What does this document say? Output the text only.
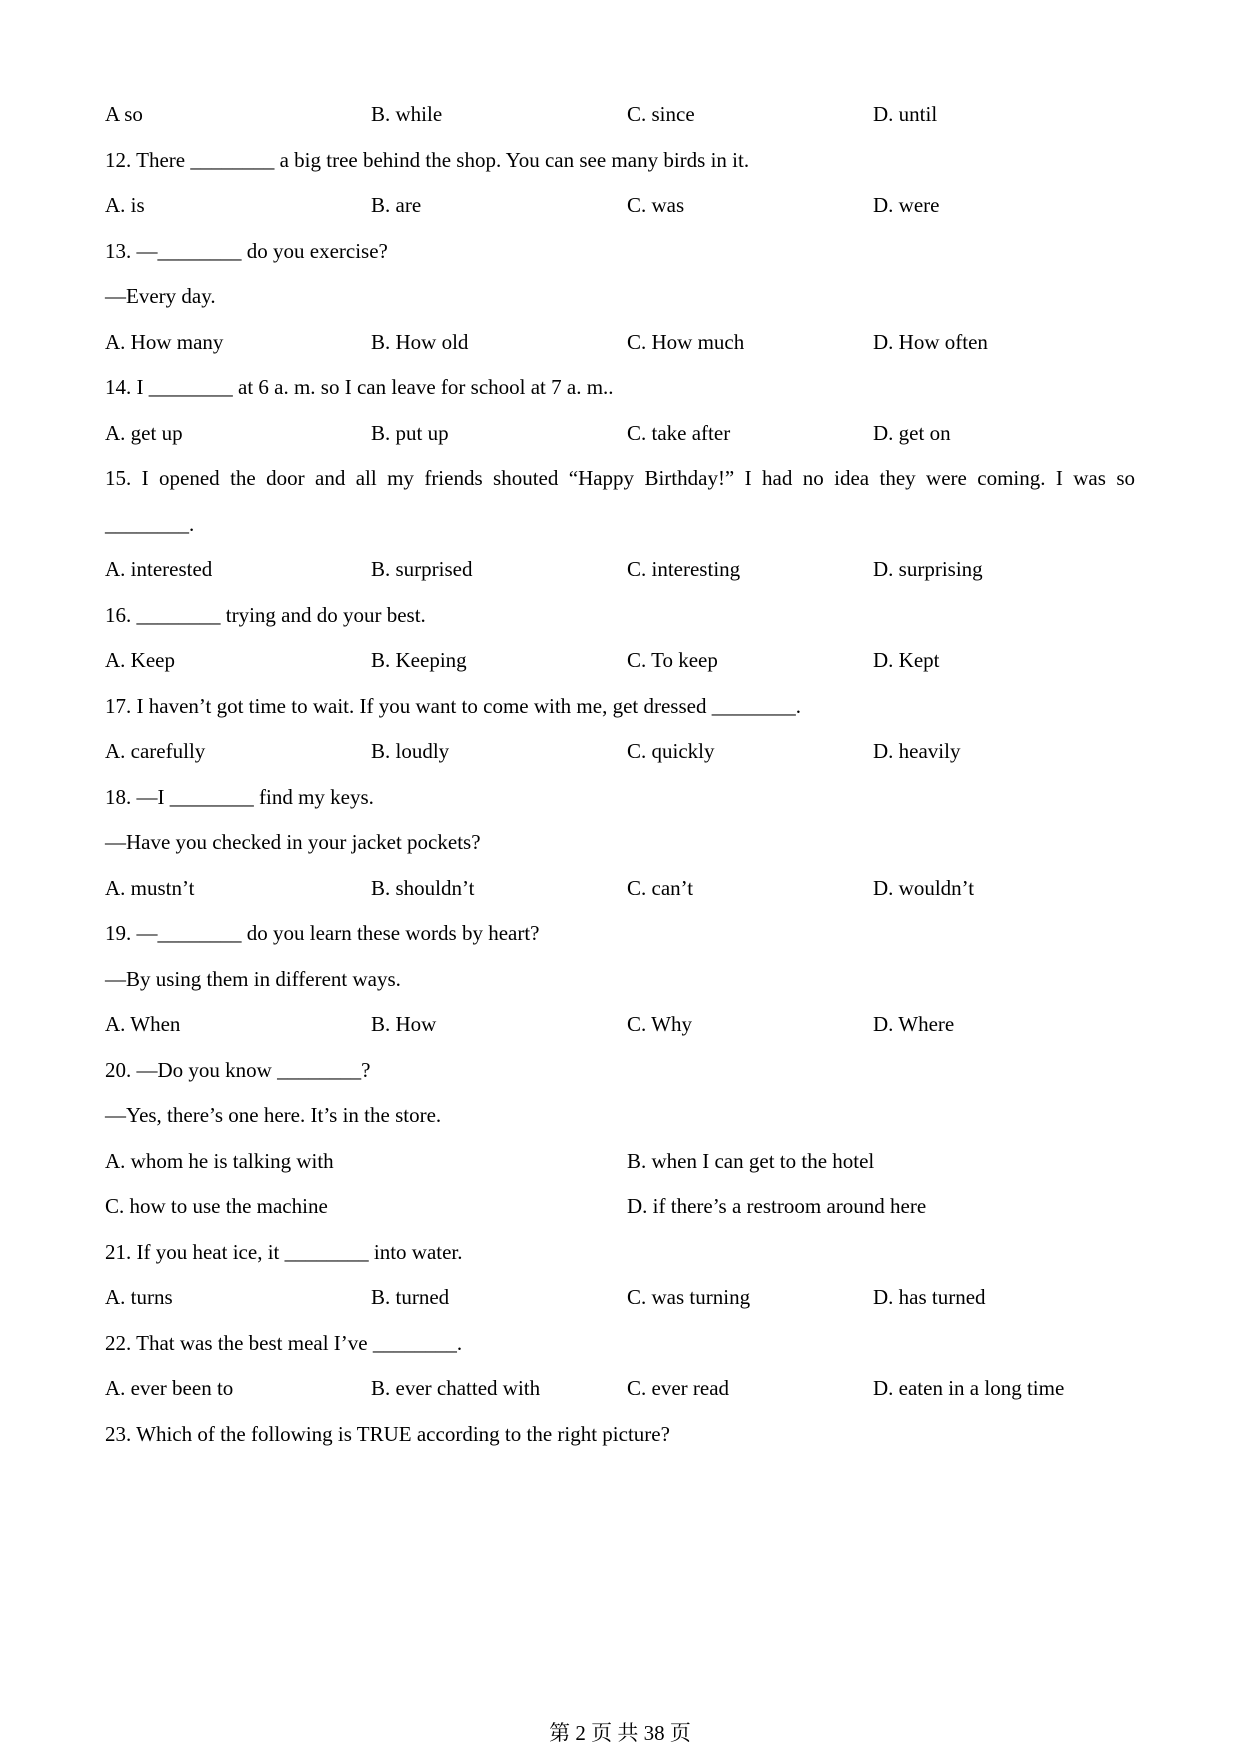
A so	B. while	C. since	D. until
12. There ________ a big tree behind the shop. You can see many birds in it.
A. is	B. are	C. was	D. were
13. —________ do you exercise?
—Every day.
A. How many	B. How old	C. How much	D. How often
14. I ________ at 6 a. m. so I can leave for school at 7 a. m..
A. get up	B. put up	C. take after	D. get on
15. I opened the door and all my friends shouted “Happy Birthday!” I had no idea they were coming. I was so
________.
A. interested	B. surprised	C. interesting	D. surprising
16. ________ trying and do your best.
A. Keep	B. Keeping	C. To keep	D. Kept
17. I haven’t got time to wait. If you want to come with me, get dressed ________.
A. carefully	B. loudly	C. quickly	D. heavily
18. —I ________ find my keys.
—Have you checked in your jacket pockets?
A. mustn’t	B. shouldn’t	C. can’t	D. wouldn’t
19. —________ do you learn these words by heart?
—By using them in different ways.
A. When	B. How	C. Why	D. Where
20. —Do you know ________?
—Yes, there’s one here. It’s in the store.
A. whom he is talking with	B. when I can get to the hotel
C. how to use the machine	D. if there’s a restroom around here
21. If you heat ice, it ________ into water.
A. turns	B. turned	C. was turning	D. has turned
22. That was the best meal I’ve ________.
A. ever been to	B. ever chatted with	C. ever read	D. eaten in a long time
23. Which of the following is TRUE according to the right picture?
第 2 页 共 38 页
